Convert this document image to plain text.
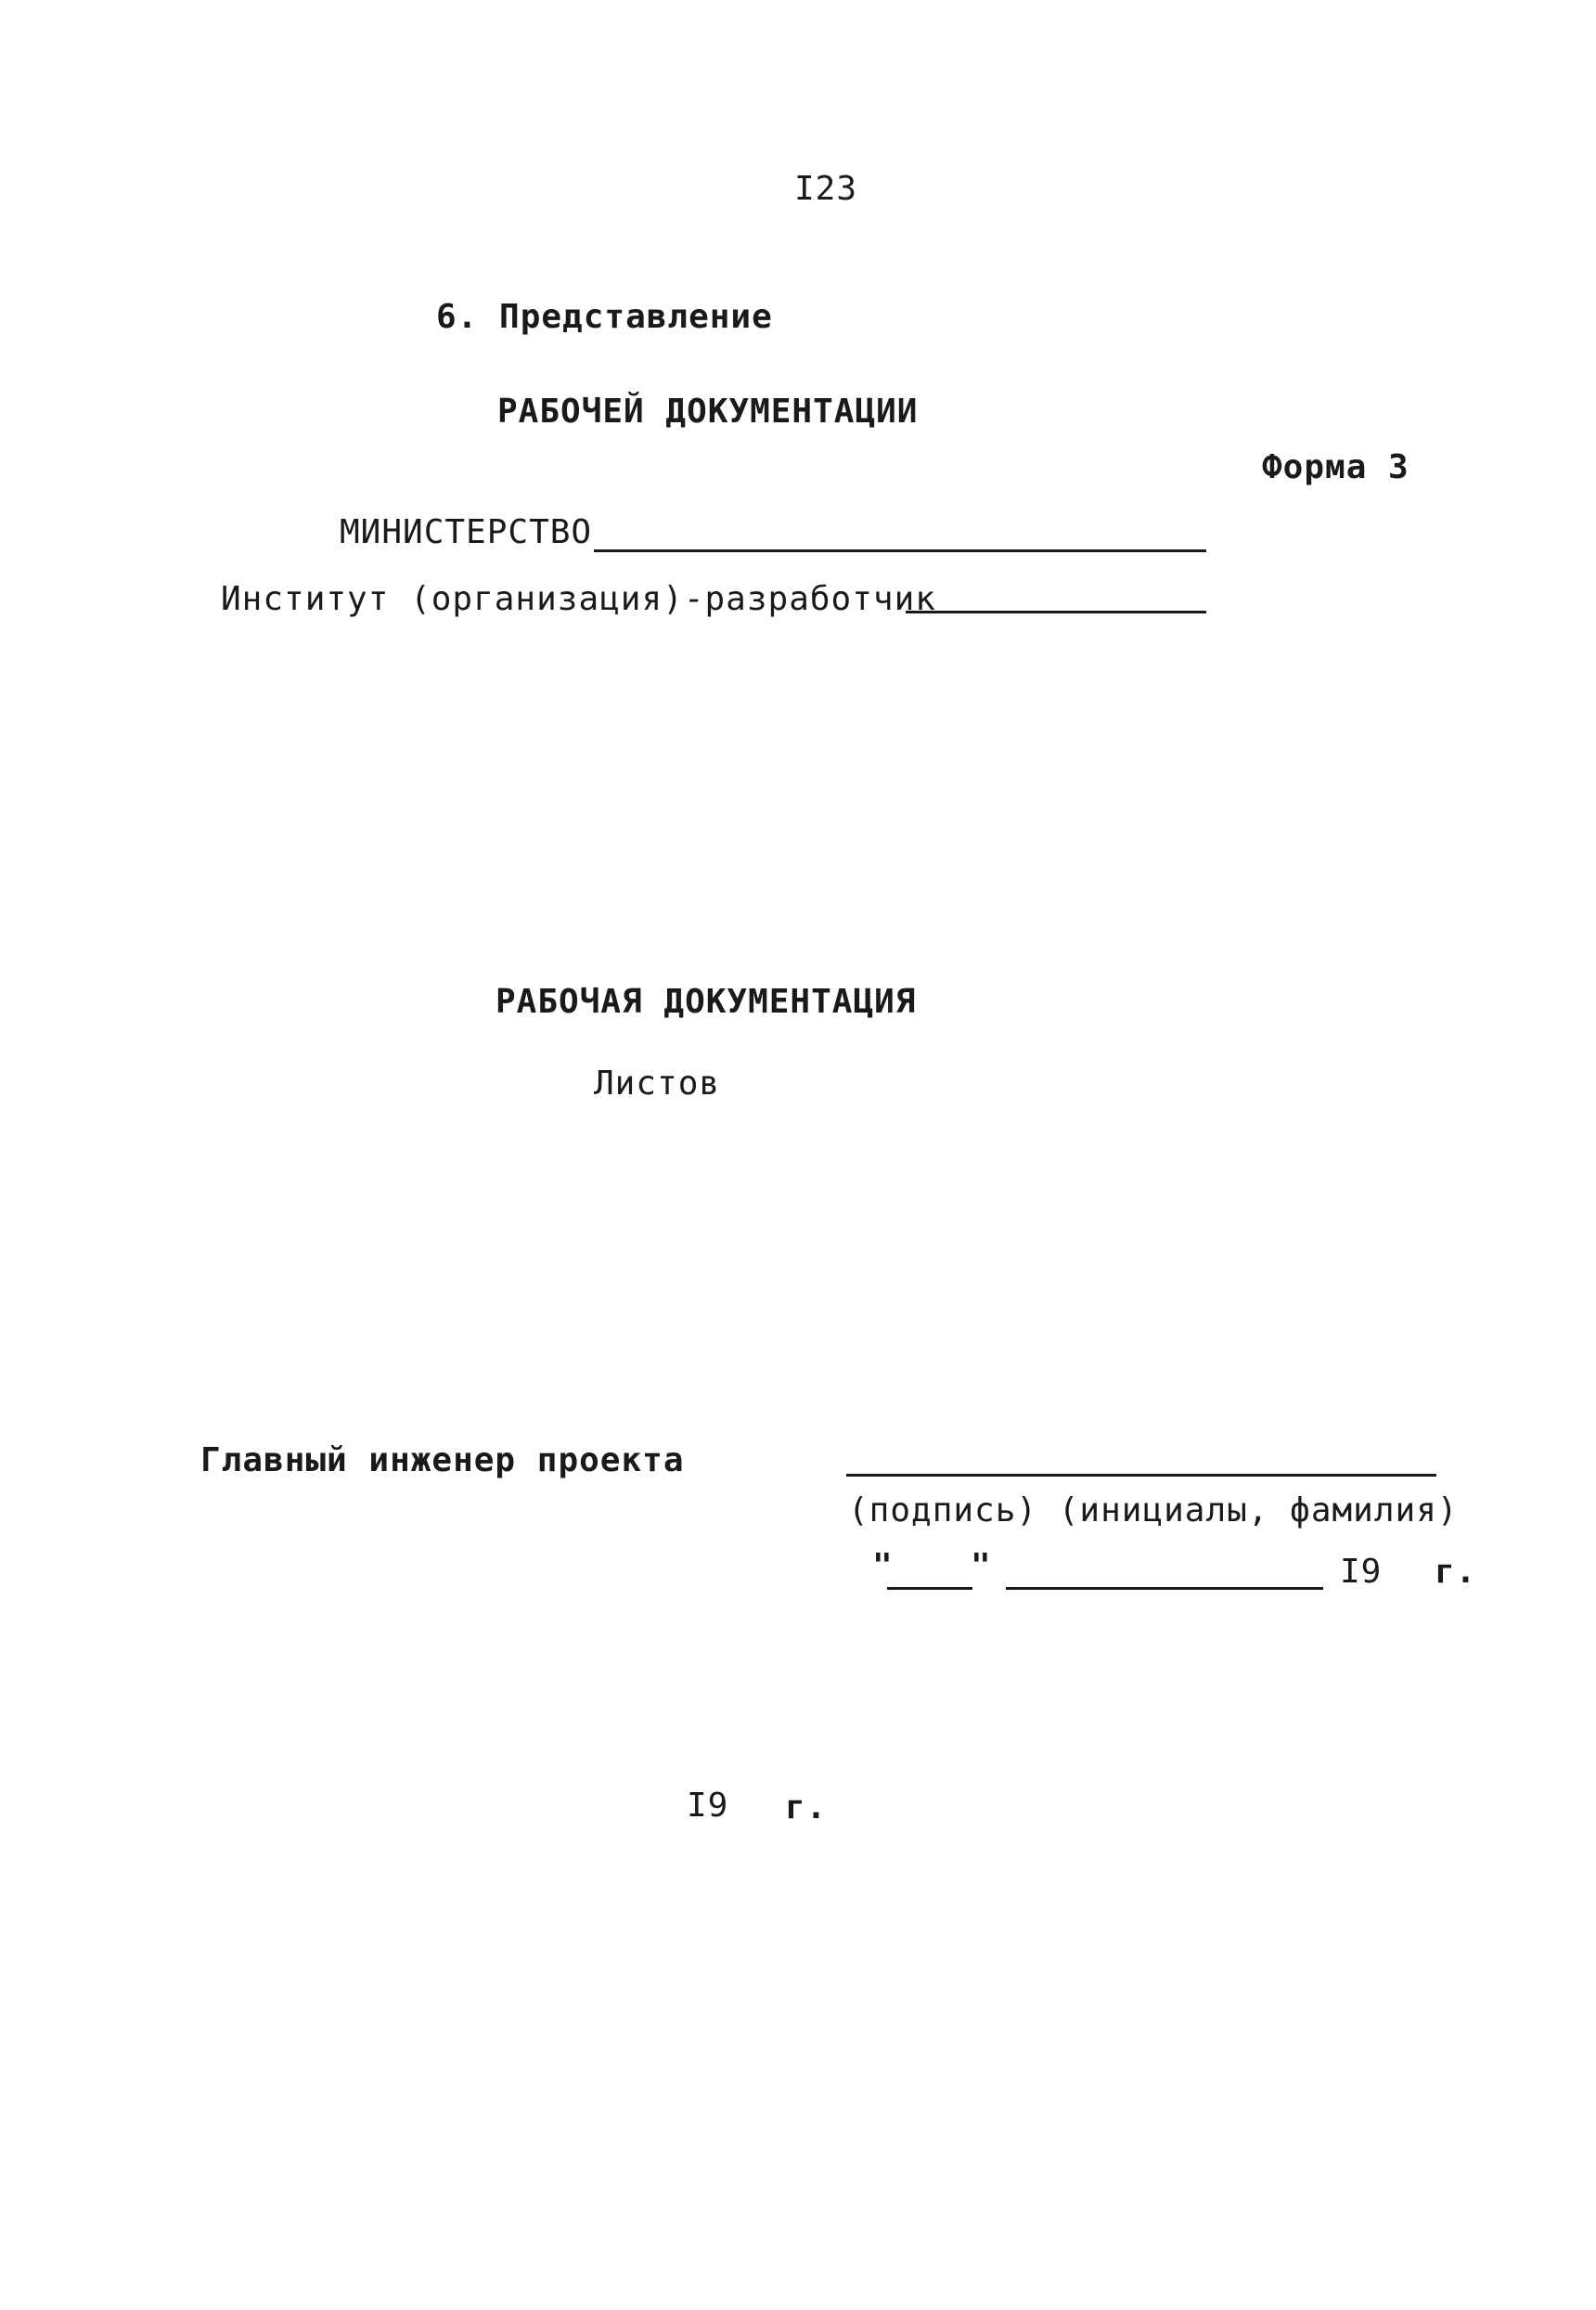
I23
6. Представление
РАБОЧЕЙ ДОКУМЕНТАЦИИ
Форма 3
МИНИСТЕРСТВО
Институт (организация)-разработчик
РАБОЧАЯ ДОКУМЕНТАЦИЯ
Листов
Главный инженер проекта
(подпись) (инициалы, фамилия)
" "	I9 г.
I9 г.
